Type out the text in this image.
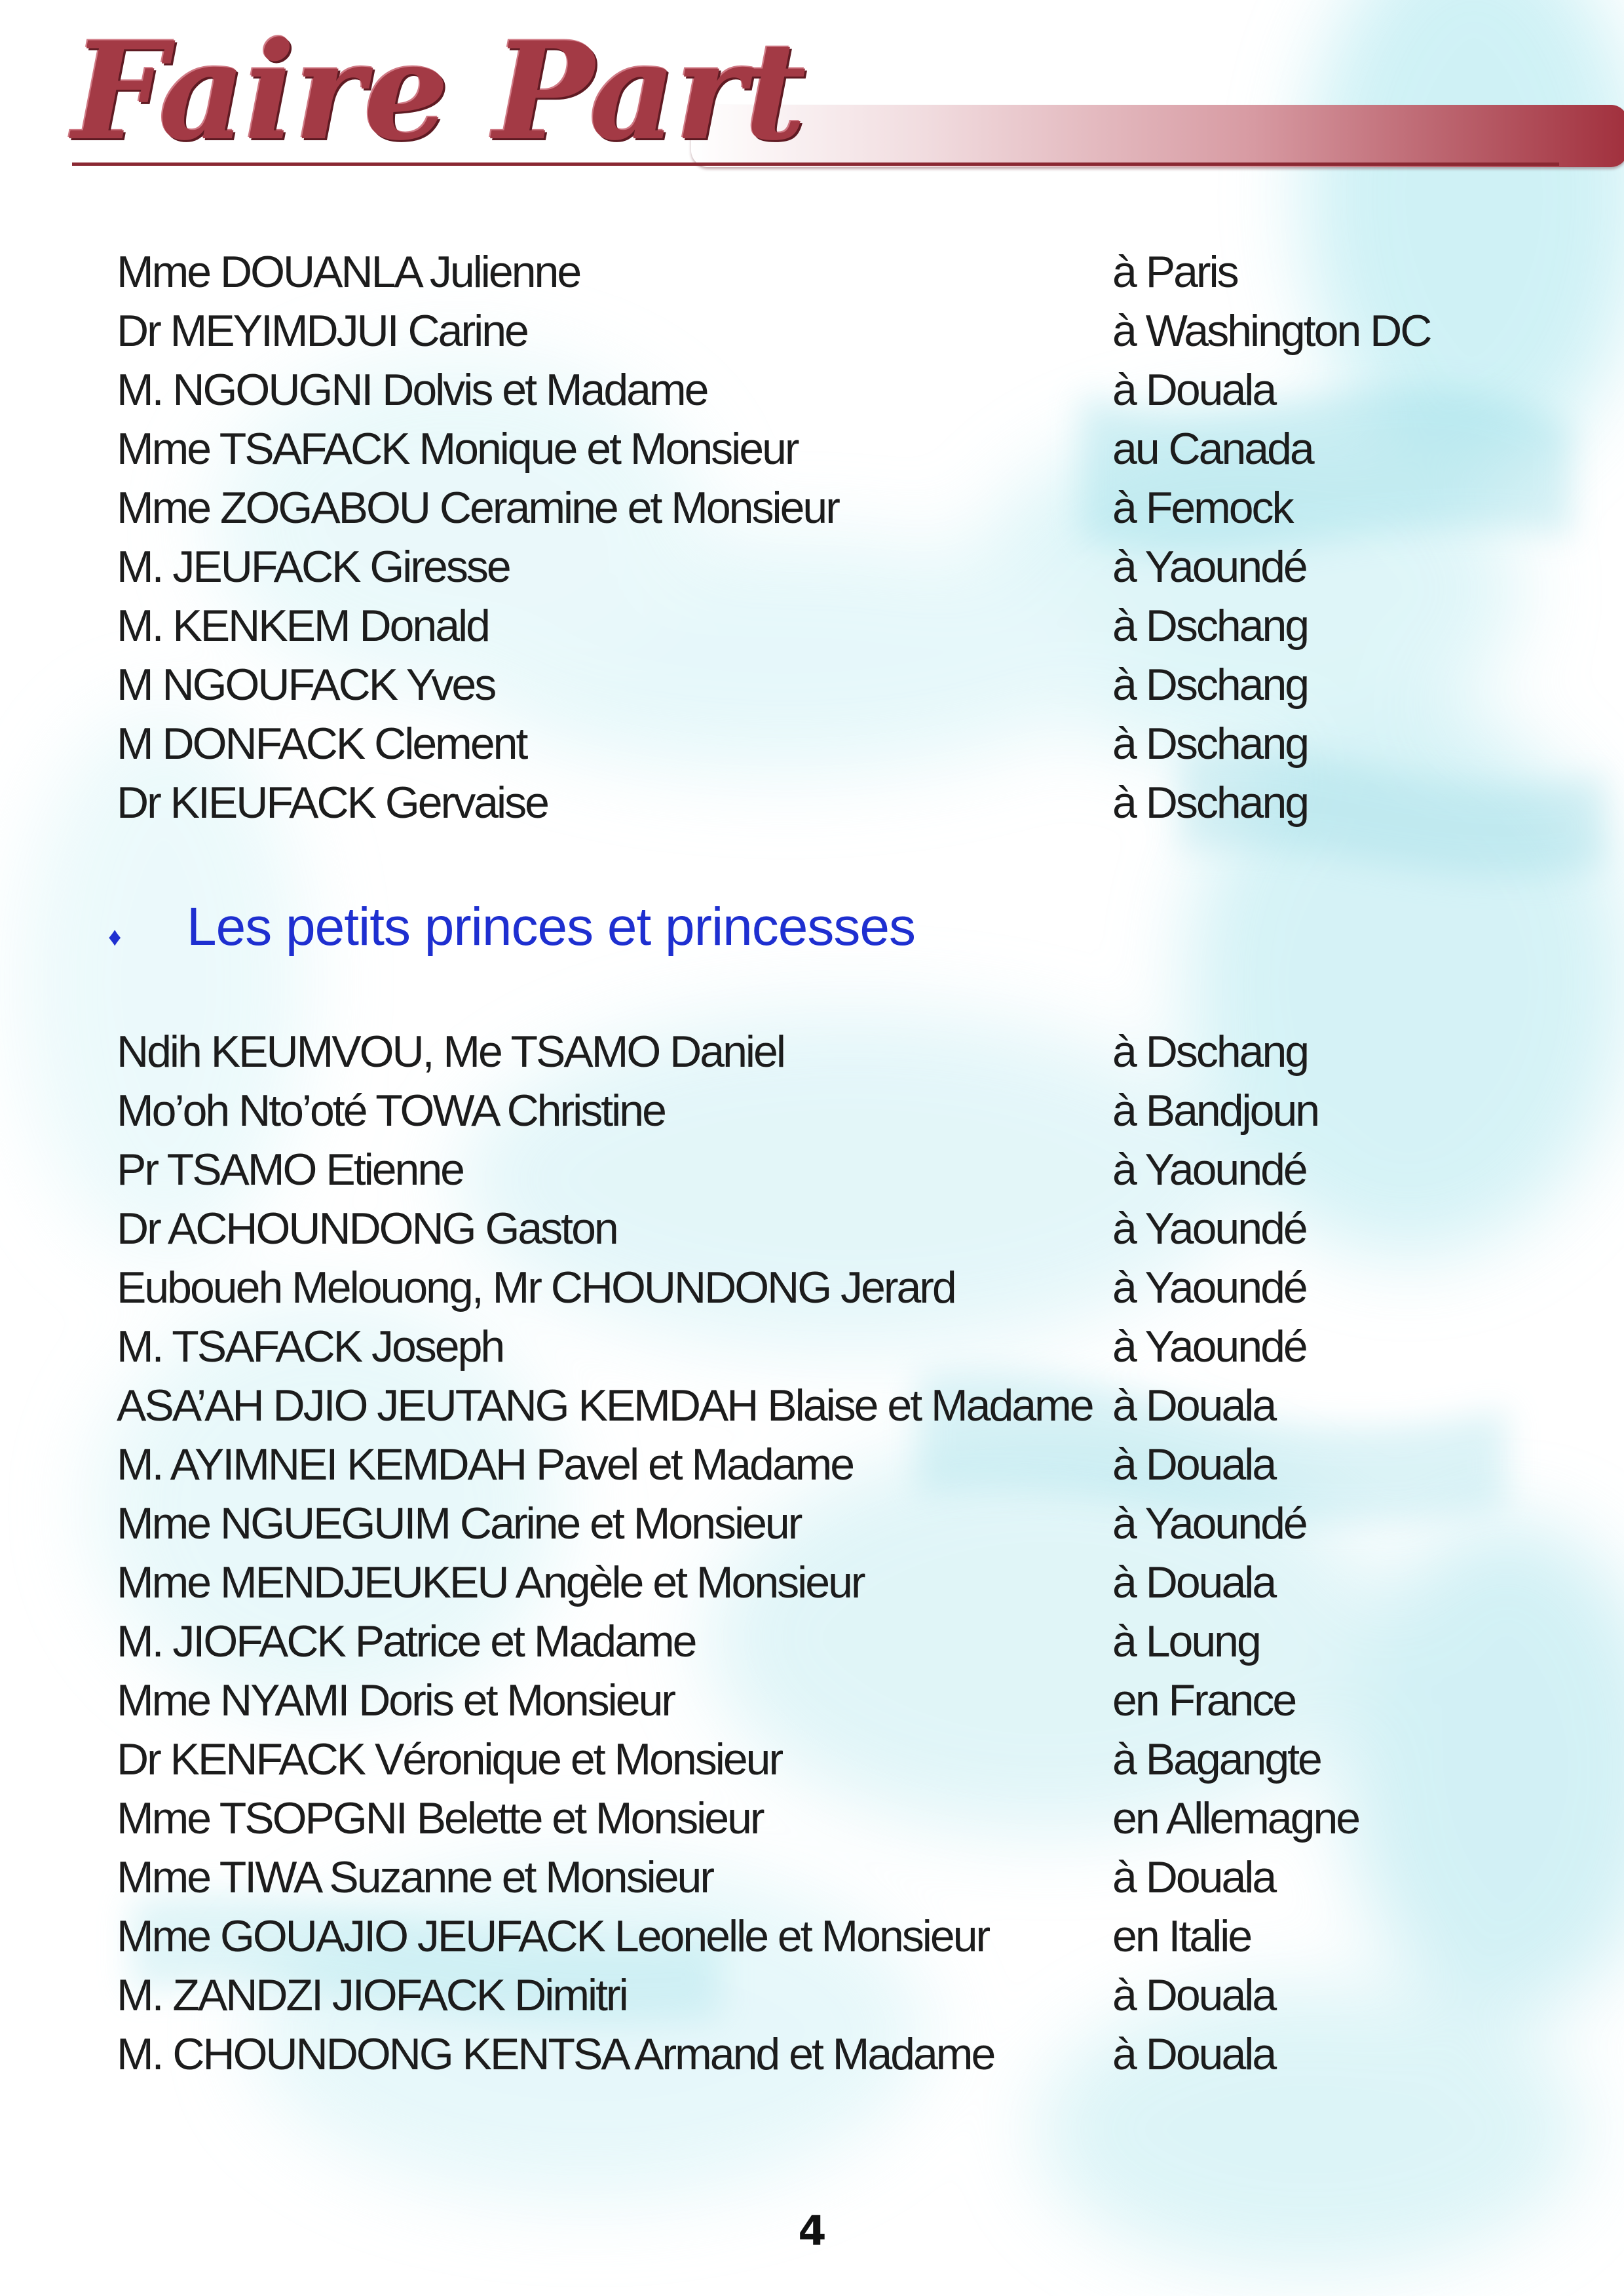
Faire Part
Mme DOUANLA Julienne	à Paris
Dr MEYIMDJUI Carine	à Washington DC
M. NGOUGNI Dolvis et Madame	à Douala
Mme TSAFACK Monique et Monsieur	au Canada
Mme ZOGABOU Ceramine et Monsieur	à Femock
M. JEUFACK Giresse	à Yaoundé
M. KENKEM Donald	à Dschang
M NGOUFACK Yves	à Dschang
M DONFACK Clement	à Dschang
Dr KIEUFACK Gervaise	à Dschang
♦ Les petits princes et princesses
Ndih KEUMVOU, Me TSAMO Daniel	à Dschang
Mo’oh Nto’oté TOWA Christine	à Bandjoun
Pr TSAMO Etienne	à Yaoundé
Dr ACHOUNDONG Gaston	à Yaoundé
Euboueh Melouong, Mr CHOUNDONG Jerard	à Yaoundé
M. TSAFACK Joseph	à Yaoundé
ASA’AH DJIO JEUTANG KEMDAH Blaise et Madame à Douala
M. AYIMNEI KEMDAH Pavel et Madame	à Douala
Mme NGUEGUIM Carine et Monsieur	à Yaoundé
Mme MENDJEUKEU Angèle et Monsieur	à Douala
M. JIOFACK Patrice et Madame	à Loung
Mme NYAMI Doris et Monsieur	en France
Dr KENFACK Véronique et Monsieur	à Bagangte
Mme TSOPGNI Belette et Monsieur	en Allemagne
Mme TIWA Suzanne et Monsieur	à Douala
Mme GOUAJIO JEUFACK Leonelle et Monsieur	en Italie
M. ZANDZI JIOFACK Dimitri	à Douala
M. CHOUNDONG KENTSA Armand et Madame	à Douala
4
